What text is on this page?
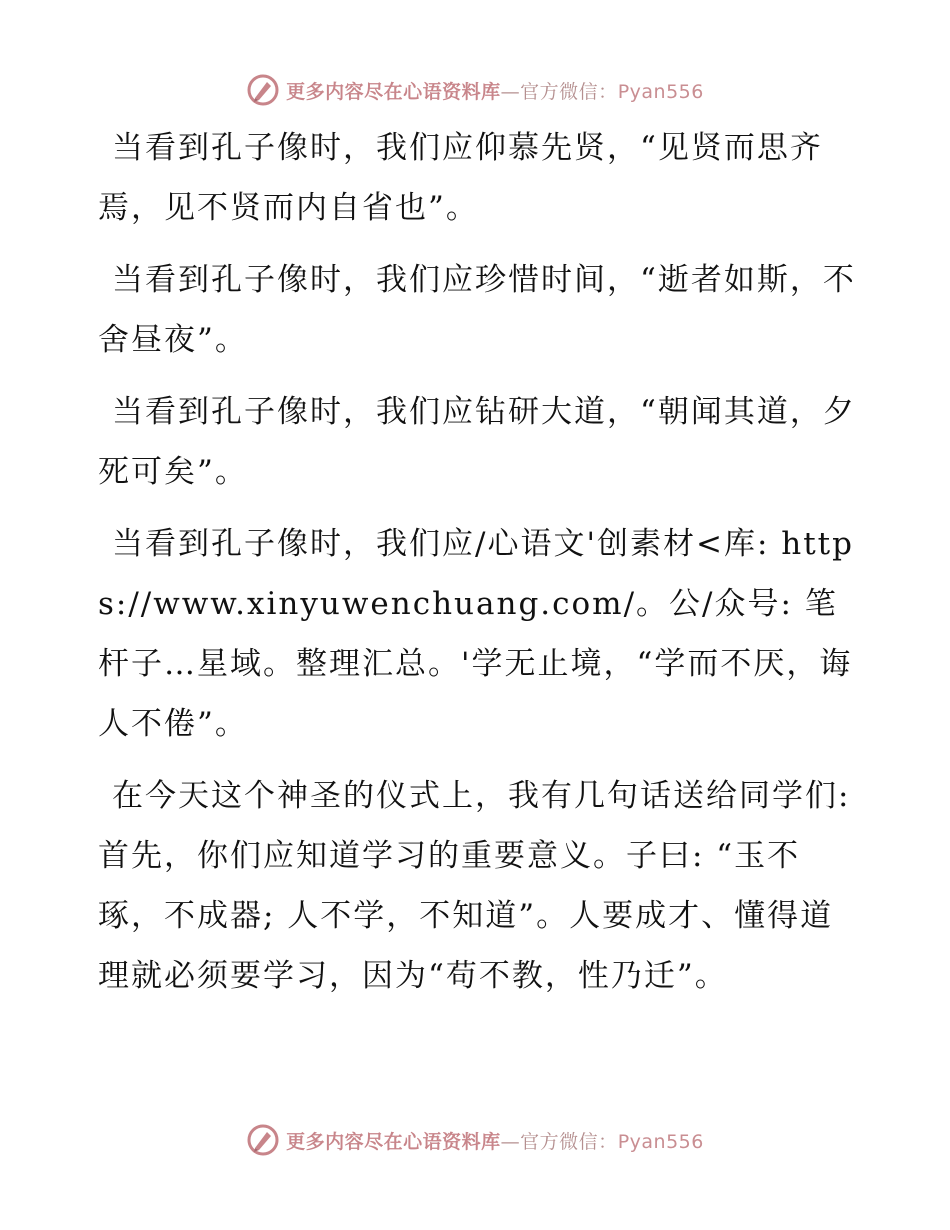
更多内容尽在心语资料库—官方微信：Pyan556

当看到孔子像时，我们应仰慕先贤，“见贤而思齐焉，见不贤而内自省也”。

当看到孔子像时，我们应珍惜时间，“逝者如斯，不舍昼夜”。

当看到孔子像时，我们应钻研大道，“朝闻其道，夕死可矣”。

当看到孔子像时，我们应/心语文'创素材<库: https://www.xinyuwenchuang.com/。公/众号: 笔杆子…星域。整理汇总。'学无止境，“学而不厌，诲人不倦”。

在今天这个神圣的仪式上，我有几句话送给同学们: 首先，你们应知道学习的重要意义。子曰: “玉不琢，不成器; 人不学，不知道”。人要成才、懂得道理就必须要学习，因为“苟不教，性乃迁”。

更多内容尽在心语资料库—官方微信：Pyan556
